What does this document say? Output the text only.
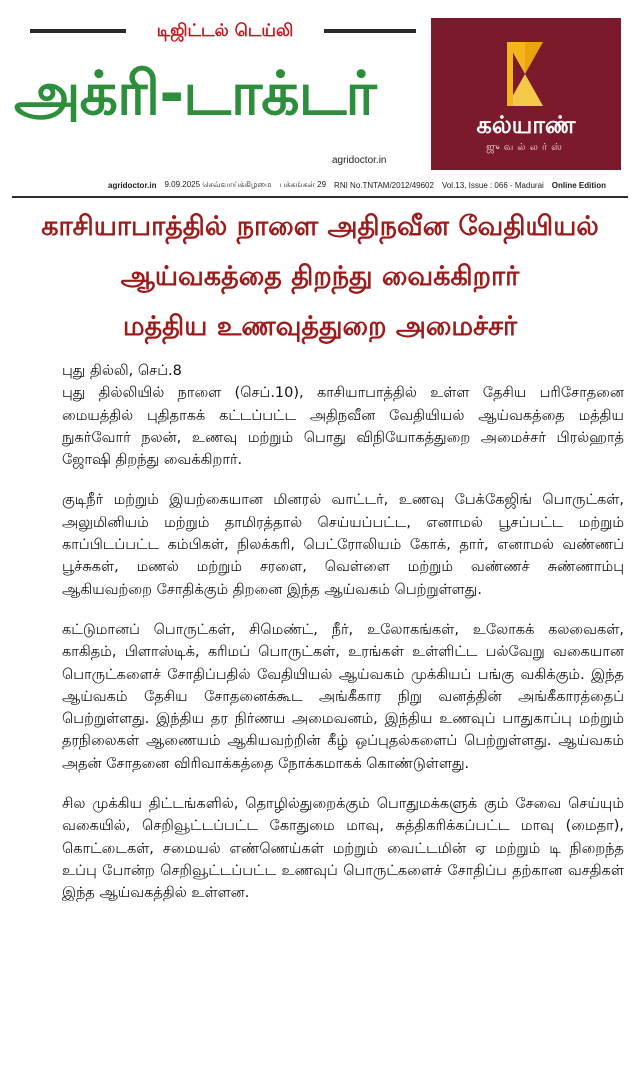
டிஜிட்டல் டெய்லி
அக்ரி-டாக்டர்
agridoctor.in
கல்யாண்
ஜுவல்லர்ஸ்
agridoctor.in 9.09.2025 செவ்வாய்க்கிழமை பக்கங்கள் 29 RNI No.TNTAM/2012/49602 Vol.13, Issue : 066 - Madurai Online Edition
காசியாபாத்தில் நாளை அதிநவீன வேதியியல்
ஆய்வகத்தை திறந்து வைக்கிறார்
மத்திய உணவுத்துறை அமைச்சர்
புது தில்லி, செப்.8

புது தில்லியில் நாளை (செப்.10), காசியாபாத்தில் உள்ள தேசிய பரிசோதனை மையத்தில் புதிதாகக் கட்டப்பட்ட அதிநவீன வேதியியல் ஆய்வகத்தை மத்திய நுகர்வோர் நலன், உணவு மற்றும் பொது விநியோகத்துறை அமைச்சர் பிரல்ஹாத் ஜோஷி திறந்து வைக்கிறார்.

குடிநீர் மற்றும் இயற்கையான மினரல் வாட்டர், உணவு பேக்கேஜிங் பொருட்கள், அலுமினியம் மற்றும் தாமிரத்தால் செய்யப்பட்ட, எனாமல் பூசப்பட்ட மற்றும் காப்பிடப்பட்ட கம்பிகள், நிலக்கரி, பெட்ரோலியம் கோக், தார், எனாமல் வண்ணப் பூச்சுகள், மணல் மற்றும் சரளை, வெள்ளை மற்றும் வண்ணச் சுண்ணாம்பு ஆகியவற்றை சோதிக்கும் திறனை இந்த ஆய்வகம் பெற்றுள்ளது.

கட்டுமானப் பொருட்கள், சிமெண்ட், நீர், உலோகங்கள், உலோகக் கலவைகள், காகிதம், பிளாஸ்டிக், கரிமப் பொருட்கள், உரங்கள் உள்ளிட்ட பல்வேறு வகையான பொருட்களைச் சோதிப்பதில் வேதியியல் ஆய்வகம் முக்கியப் பங்கு வகிக்கும். இந்த ஆய்வகம் தேசிய சோதனைக்கூட அங்கீகார நிறு வனத்தின் அங்கீகாரத்தைப் பெற்றுள்ளது. இந்திய தர நிர்ணய அமைவனம், இந்திய உணவுப் பாதுகாப்பு மற்றும் தரநிலைகள் ஆணையம் ஆகியவற்றின் கீழ் ஒப்புதல்களைப் பெற்றுள்ளது. ஆய்வகம் அதன் சோதனை விரிவாக்கத்தை நோக்கமாகக் கொண்டுள்ளது.

சில முக்கிய திட்டங்களில், தொழில்துறைக்கும் பொதுமக்களுக் கும் சேவை செய்யும் வகையில், செறிவூட்டப்பட்ட கோதுமை மாவு, சுத்திகரிக்கப்பட்ட மாவு (மைதா), கொட்டைகள், சமையல் எண்ணெய்கள் மற்றும் வைட்டமின் ஏ மற்றும் டி நிறைந்த உப்பு போன்ற செறிவூட்டப்பட்ட உணவுப் பொருட்களைச் சோதிப்ப தற்கான வசதிகள் இந்த ஆய்வகத்தில் உள்ளன.
